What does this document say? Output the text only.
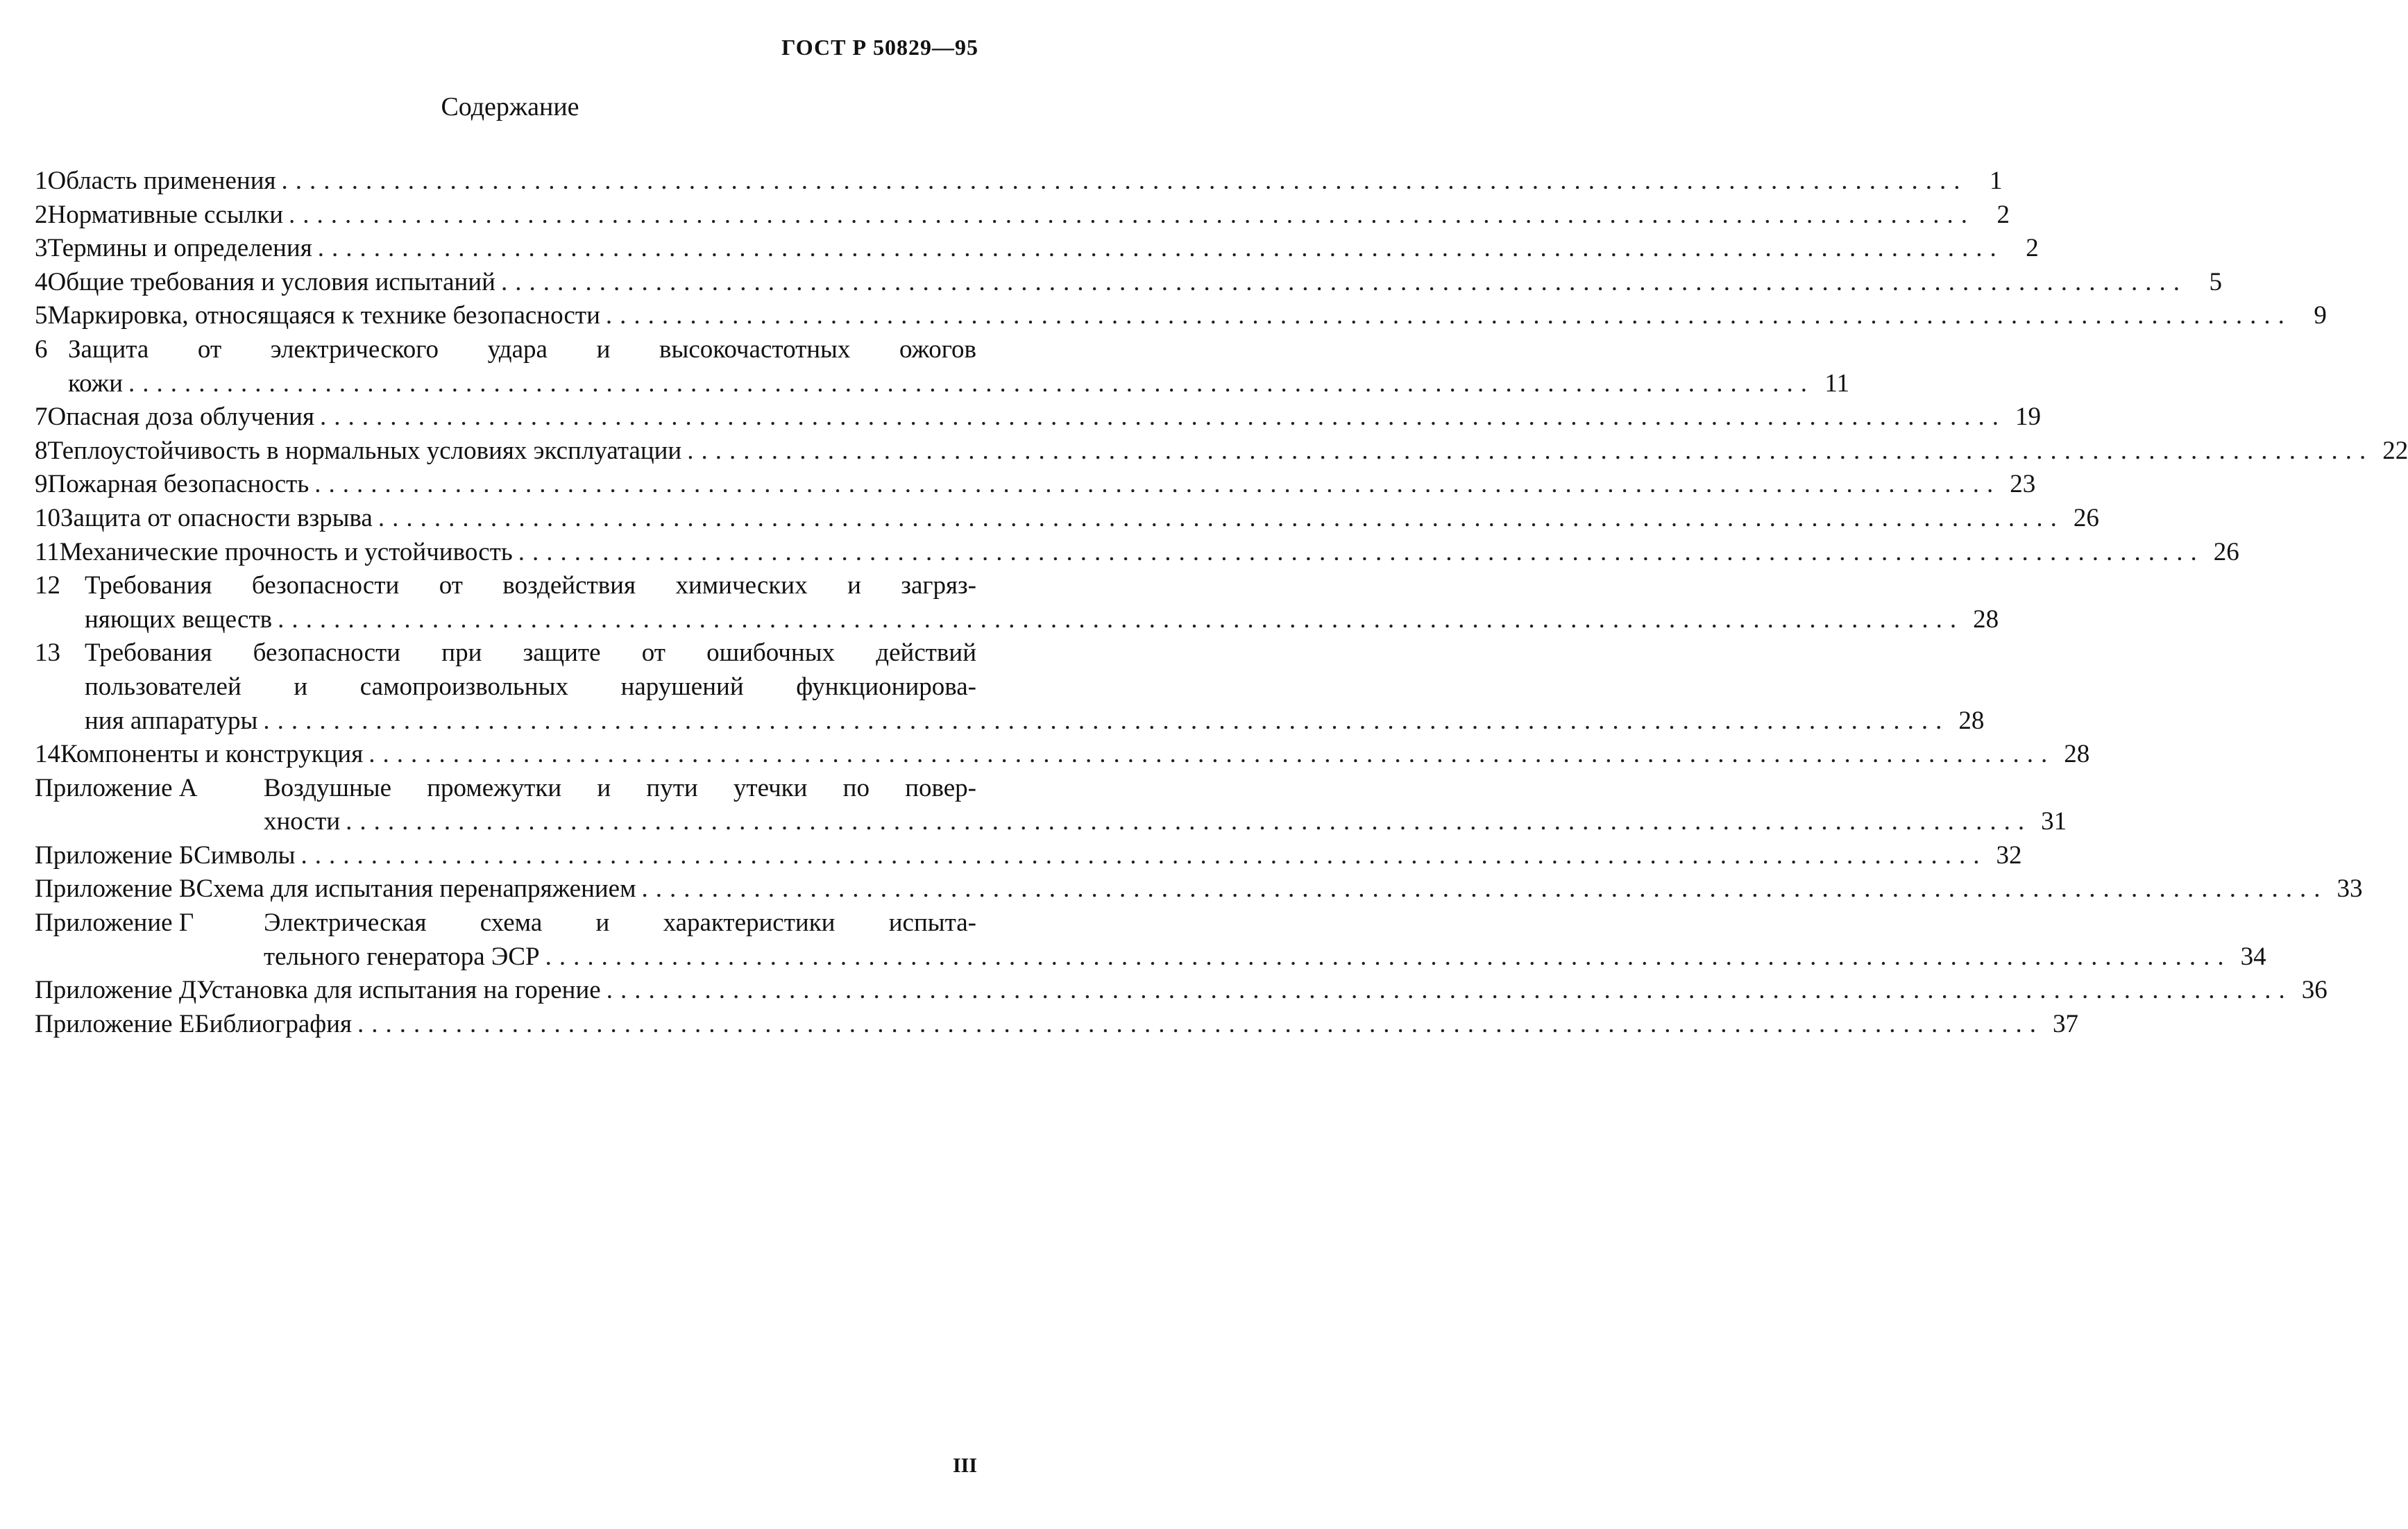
ГОСТ Р 50829—95
Содержание
1 Область применения ........................................................................................................................ 1
2 Нормативные ссылки ........................................................................................................................ 2
3 Термины и определения ........................................................................................................................ 2
4 Общие требования и условия испытаний ........................................................................................................................ 5
5 Маркировка, относящаяся к технике безопасности ........................................................................................................................ 9
6 Защита от электрического удара и высокочастотных ожогов
кожи ........................................................................................................................ 11
7 Опасная доза облучения ........................................................................................................................ 19
8 Теплоустойчивость в нормальных условиях эксплуатации ........................................................................................................................ 22
9 Пожарная безопасность ........................................................................................................................ 23
10 Защита от опасности взрыва ........................................................................................................................ 26
11 Механические прочность и устойчивость ........................................................................................................................ 26
12 Требования безопасности от воздействия химических и загряз-
няющих веществ ........................................................................................................................ 28
13 Требования безопасности при защите от ошибочных действий
пользователей и самопроизвольных нарушений функционирова-
ния аппаратуры ........................................................................................................................ 28
14 Компоненты и конструкция ........................................................................................................................ 28
Приложение А	Воздушные промежутки и пути утечки по повер-
хности ........................................................................................................................ 31
Приложение Б Символы ........................................................................................................................ 32
Приложение В Схема для испытания перенапряжением ........................................................................................................................ 33
Приложение Г	Электрическая схема и характеристики испыта-
тельного генератора ЭСР ........................................................................................................................ 34
Приложение Д Установка для испытания на горение ........................................................................................................................ 36
Приложение Е Библиография ........................................................................................................................ 37
III
